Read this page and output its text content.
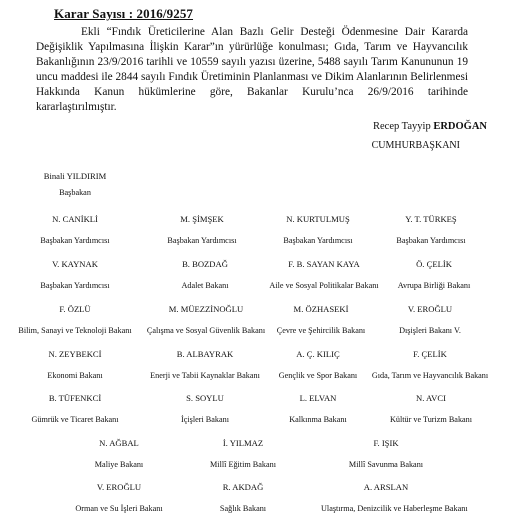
Karar Sayısı : 2016/9257

Ekli “Fındık Üreticilerine Alan Bazlı Gelir Desteği Ödenmesine Dair Kararda Değişiklik Yapılmasına İlişkin Karar”ın yürürlüğe konulması; Gıda, Tarım ve Hayvancılık Bakanlığının 23/9/2016 tarihli ve 10559 sayılı yazısı üzerine, 5488 sayılı Tarım Kanununun 19 uncu maddesi ile 2844 sayılı Fındık Üretiminin Planlanması ve Dikim Alanlarının Belirlenmesi Hakkında Kanun hükümlerine göre, Bakanlar Kurulu’nca 26/9/2016 tarihinde kararlaştırılmıştır.

Recep Tayyip ERDOĞAN
CUMHURBAŞKANI
Binali YILDIRIM
Başbakan
N. CANİKLİ
Başbakan Yardımcısı
M. ŞİMŞEK
Başbakan Yardımcısı
N. KURTULMUŞ
Başbakan Yardımcısı
Y. T. TÜRKEŞ
Başbakan Yardımcısı
V. KAYNAK
Başbakan Yardımcısı
B. BOZDAĞ
Adalet Bakanı
F. B. SAYAN KAYA
Aile ve Sosyal Politikalar Bakanı
Ö. ÇELİK
Avrupa Birliği Bakanı
F. ÖZLÜ
Bilim, Sanayi ve Teknoloji Bakanı
M. MÜEZZİNOĞLU
Çalışma ve Sosyal Güvenlik Bakanı
M. ÖZHASEKİ
Çevre ve Şehircilik Bakanı
V. EROĞLU
Dışişleri Bakanı V.
N. ZEYBEKCİ
Ekonomi Bakanı
B. ALBAYRAK
Enerji ve Tabii Kaynaklar Bakanı
A. Ç. KILIÇ
Gençlik ve Spor Bakanı
F. ÇELİK
Gıda, Tarım ve Hayvancılık Bakanı
B. TÜFENKCİ
Gümrük ve Ticaret Bakanı
S. SOYLU
İçişleri Bakanı
L. ELVAN
Kalkınma Bakanı
N. AVCI
Kültür ve Turizm Bakanı
N. AĞBAL
Maliye Bakanı
İ. YILMAZ
Millî Eğitim Bakanı
F. IŞIK
Millî Savunma Bakanı
V. EROĞLU
Orman ve Su İşleri Bakanı
R. AKDAĞ
Sağlık Bakanı
A. ARSLAN
Ulaştırma, Denizcilik ve Haberleşme Bakanı
